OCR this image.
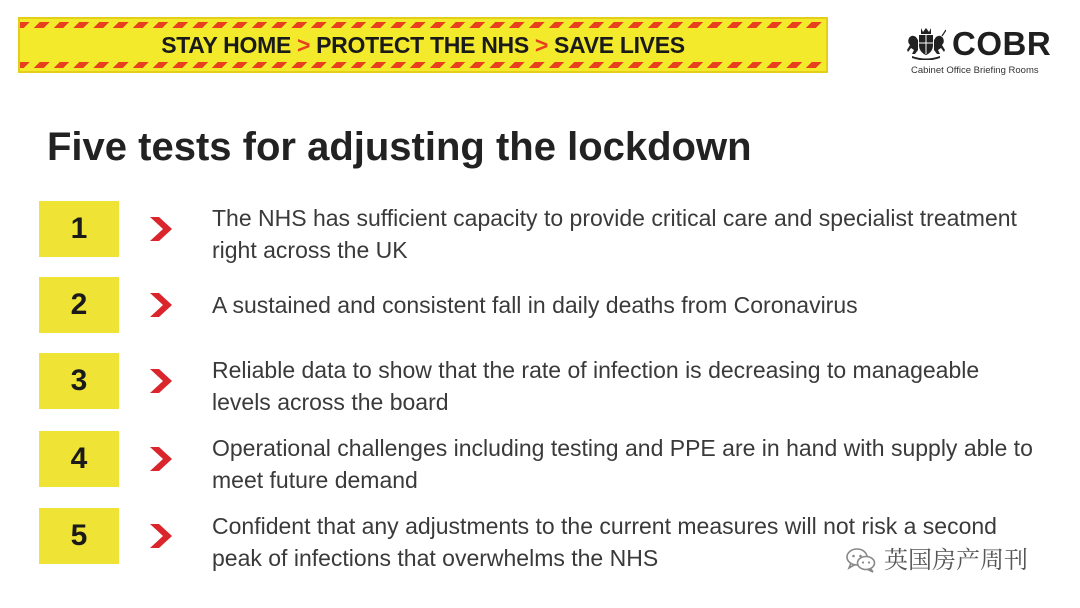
STAY HOME > PROTECT THE NHS > SAVE LIVES	COBR
Cabinet Office Briefing Rooms
Five tests for adjusting the lockdown
1	The NHS has sufficient capacity to provide critical care and specialist treatment right across the UK
2	A sustained and consistent fall in daily deaths from Coronavirus
3	Reliable data to show that the rate of infection is decreasing to manageable levels across the board
4	Operational challenges including testing and PPE are in hand with supply able to meet future demand
5	Confident that any adjustments to the current measures will not risk a second peak of infections that overwhelms the NHS	英国房产周刊
